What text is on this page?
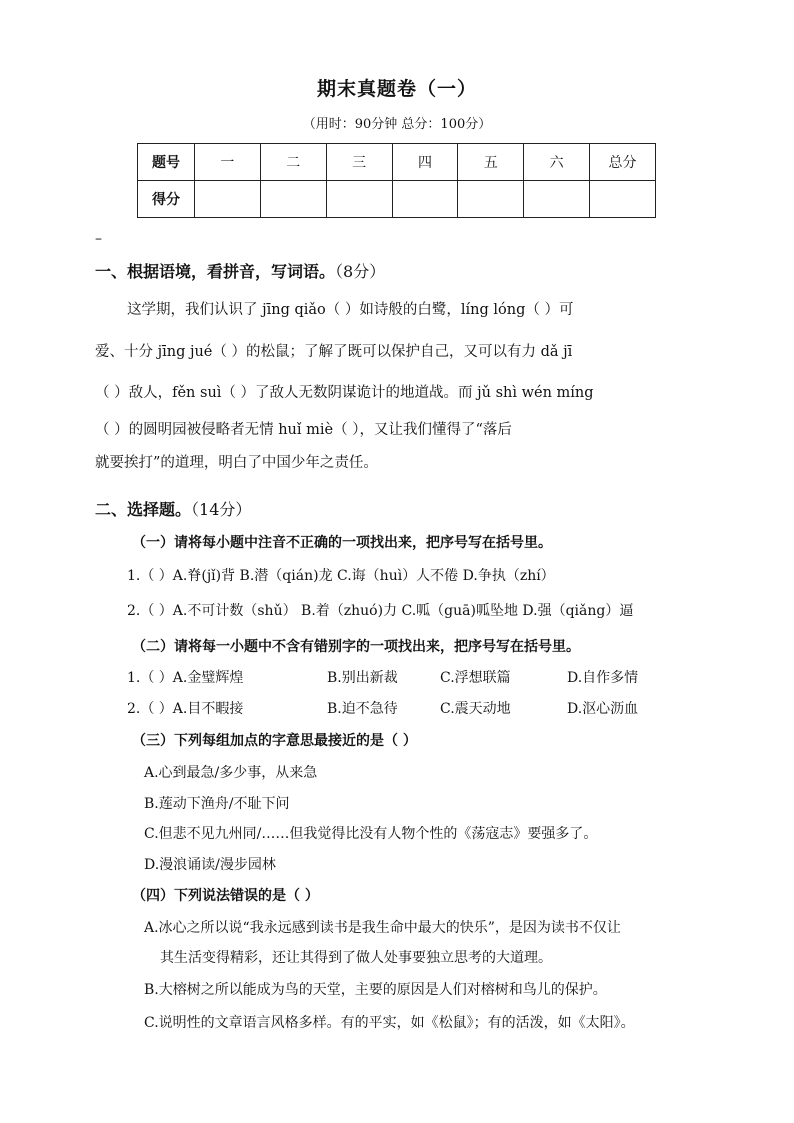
期末真题卷（一）
（用时：90分钟 总分：100分）
题号	一	二	三	四	五	六	总分
得分							
–
一、根据语境，看拼音，写词语。（8分）
这学期，我们认识了 jīng qiǎo（ ）如诗般的白鹭，líng lóng（ ）可
爱、十分 jīng jué（ ）的松鼠；了解了既可以保护自己，又可以有力 dǎ jī
（ ）敌人，fěn suì（ ）了敌人无数阴谋诡计的地道战。而 jǔ shì wén míng
（ ）的圆明园被侵略者无情 huǐ miè（ ），又让我们懂得了“落后
就要挨打”的道理，明白了中国少年之责任。
二、选择题。（14分）
（一）请将每小题中注音不正确的一项找出来，把序号写在括号里。
1.（ ）A.脊(jǐ)背 B.潜（qián)龙 C.诲（huì）人不倦 D.争执（zhí）
2.（ ）A.不可计数（shǔ） B.着（zhuó)力 C.呱（guā)呱坠地 D.强（qiǎng）逼
（二）请将每一小题中不含有错别字的一项找出来，把序号写在括号里。
1.（ ）A.金璧辉煌	B.别出新裁	C.浮想联篇	D.自作多情
2.（ ）A.目不睱接	B.迫不急待	C.震天动地	D.沤心沥血
（三）下列每组加点的字意思最接近的是（ ）
A.心到最急/多少事，从来急
B.莲动下渔舟/不耻下问
C.但悲不见九州同/……但我觉得比没有人物个性的《荡寇志》要强多了。
D.漫浪诵读/漫步园林
（四）下列说法错误的是（ ）
A.冰心之所以说“我永远感到读书是我生命中最大的快乐”，是因为读书不仅让
其生活变得精彩，还让其得到了做人处事要独立思考的大道理。
B.大榕树之所以能成为鸟的天堂，主要的原因是人们对榕树和鸟儿的保护。
C.说明性的文章语言风格多样。有的平实，如《松鼠》；有的活泼，如《太阳》。
